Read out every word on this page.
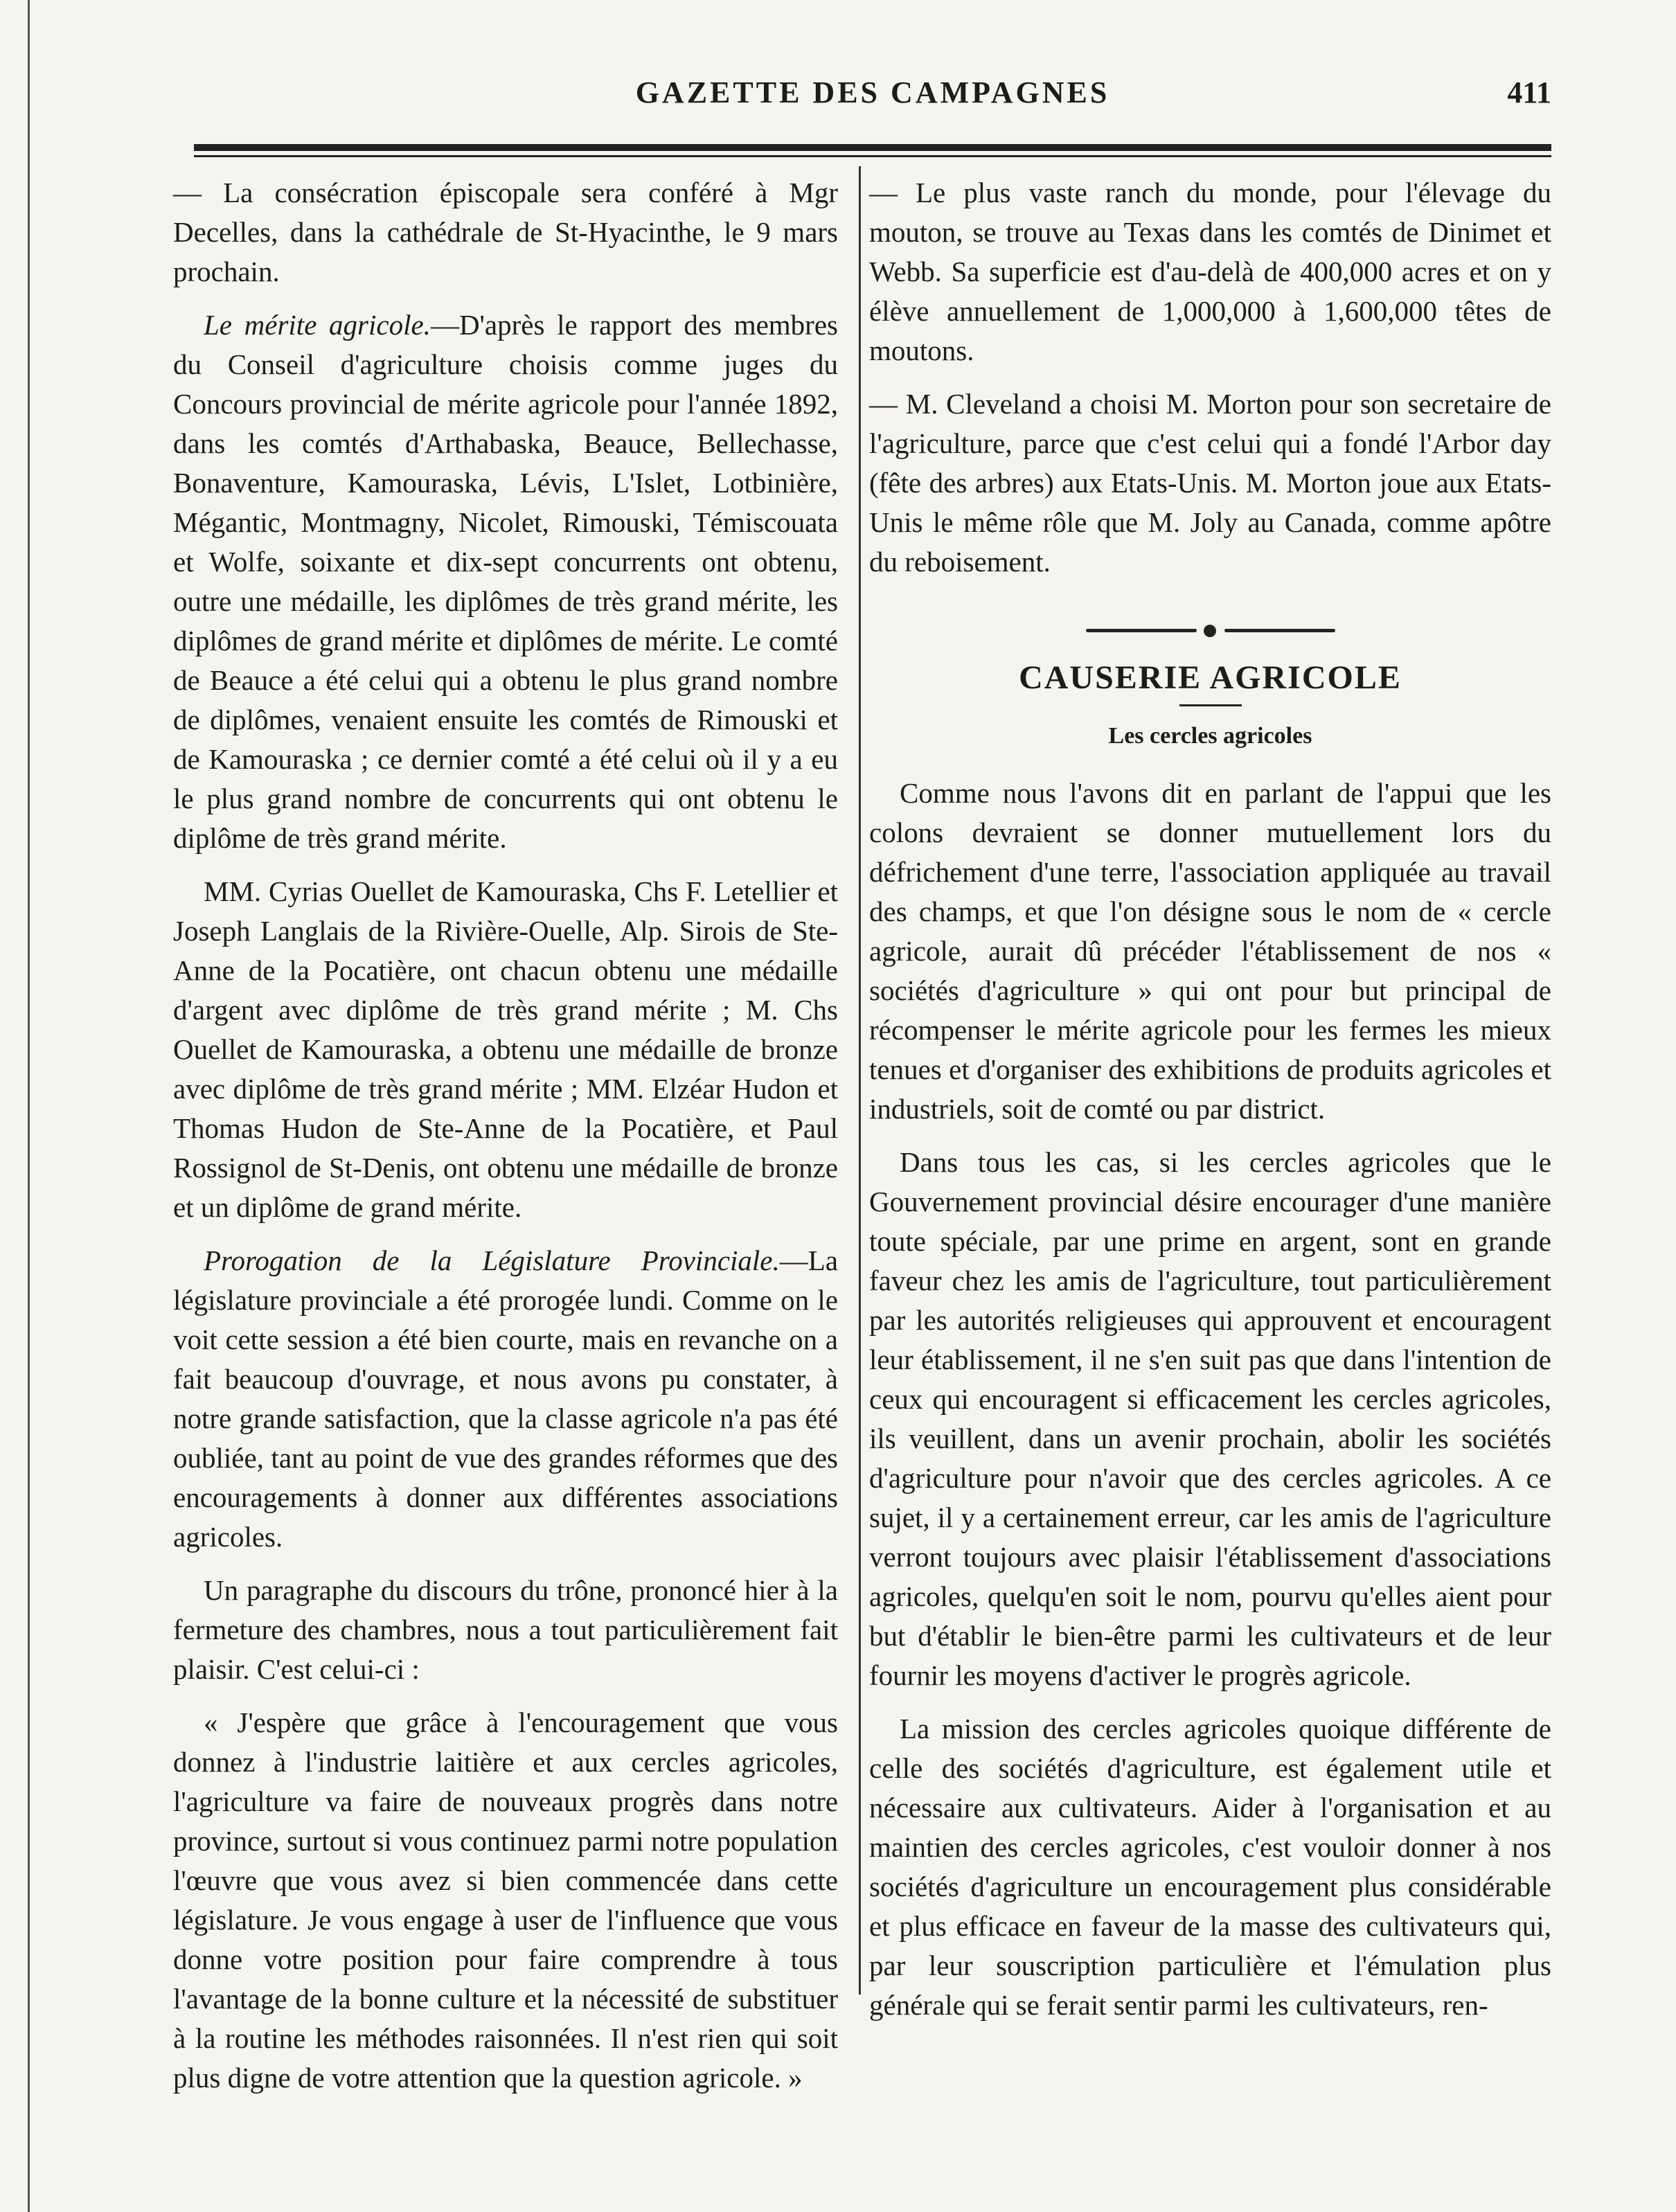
GAZETTE DES CAMPAGNES	411

— La consécration épiscopale sera conféré à Mgr Decelles, dans la cathédrale de St-Hyacinthe, le 9 mars prochain.

Le mérite agricole.—D'après le rapport des membres du Conseil d'agriculture choisis comme juges du Concours provincial de mérite agricole pour l'année 1892, dans les comtés d'Arthabaska, Beauce, Bellechasse, Bonaventure, Kamouraska, Lévis, L'Islet, Lotbinière, Mégantic, Montmagny, Nicolet, Rimouski, Témiscouata et Wolfe, soixante et dix-sept concurrents ont obtenu, outre une médaille, les diplômes de très grand mérite, les diplômes de grand mérite et diplômes de mérite. Le comté de Beauce a été celui qui a obtenu le plus grand nombre de diplômes, venaient ensuite les comtés de Rimouski et de Kamouraska ; ce dernier comté a été celui où il y a eu le plus grand nombre de concurrents qui ont obtenu le diplôme de très grand mérite.

MM. Cyrias Ouellet de Kamouraska, Chs F. Letellier et Joseph Langlais de la Rivière-Ouelle, Alp. Sirois de Ste-Anne de la Pocatière, ont chacun obtenu une médaille d'argent avec diplôme de très grand mérite ; M. Chs Ouellet de Kamouraska, a obtenu une médaille de bronze avec diplôme de très grand mérite ; MM. Elzéar Hudon et Thomas Hudon de Ste-Anne de la Pocatière, et Paul Rossignol de St-Denis, ont obtenu une médaille de bronze et un diplôme de grand mérite.

Prorogation de la Législature Provinciale.—La législature provinciale a été prorogée lundi. Comme on le voit cette session a été bien courte, mais en revanche on a fait beaucoup d'ouvrage, et nous avons pu constater, à notre grande satisfaction, que la classe agricole n'a pas été oubliée, tant au point de vue des grandes réformes que des encouragements à donner aux différentes associations agricoles.

Un paragraphe du discours du trône, prononcé hier à la fermeture des chambres, nous a tout particulièrement fait plaisir. C'est celui-ci :

« J'espère que grâce à l'encouragement que vous donnez à l'industrie laitière et aux cercles agricoles, l'agriculture va faire de nouveaux progrès dans notre province, surtout si vous continuez parmi notre population l'œuvre que vous avez si bien commencée dans cette législature. Je vous engage à user de l'influence que vous donne votre position pour faire comprendre à tous l'avantage de la bonne culture et la nécessité de substituer à la routine les méthodes raisonnées. Il n'est rien qui soit plus digne de votre attention que la question agricole. »

— Le plus vaste ranch du monde, pour l'élevage du mouton, se trouve au Texas dans les comtés de Dinimet et Webb. Sa superficie est d'au-delà de 400,000 acres et on y élève annuellement de 1,000,000 à 1,600,000 têtes de moutons.

— M. Cleveland a choisi M. Morton pour son secretaire de l'agriculture, parce que c'est celui qui a fondé l'Arbor day (fête des arbres) aux Etats-Unis. M. Morton joue aux Etats-Unis le même rôle que M. Joly au Canada, comme apôtre du reboisement.

CAUSERIE AGRICOLE
Les cercles agricoles

Comme nous l'avons dit en parlant de l'appui que les colons devraient se donner mutuellement lors du défrichement d'une terre, l'association appliquée au travail des champs, et que l'on désigne sous le nom de « cercle agricole, aurait dû précéder l'établissement de nos « sociétés d'agriculture » qui ont pour but principal de récompenser le mérite agricole pour les fermes les mieux tenues et d'organiser des exhibitions de produits agricoles et industriels, soit de comté ou par district.

Dans tous les cas, si les cercles agricoles que le Gouvernement provincial désire encourager d'une manière toute spéciale, par une prime en argent, sont en grande faveur chez les amis de l'agriculture, tout particulièrement par les autorités religieuses qui approuvent et encouragent leur établissement, il ne s'en suit pas que dans l'intention de ceux qui encouragent si efficacement les cercles agricoles, ils veuillent, dans un avenir prochain, abolir les sociétés d'agriculture pour n'avoir que des cercles agricoles. A ce sujet, il y a certainement erreur, car les amis de l'agriculture verront toujours avec plaisir l'établissement d'associations agricoles, quelqu'en soit le nom, pourvu qu'elles aient pour but d'établir le bien-être parmi les cultivateurs et de leur fournir les moyens d'activer le progrès agricole.

La mission des cercles agricoles quoique différente de celle des sociétés d'agriculture, est également utile et nécessaire aux cultivateurs. Aider à l'organisation et au maintien des cercles agricoles, c'est vouloir donner à nos sociétés d'agriculture un encouragement plus considérable et plus efficace en faveur de la masse des cultivateurs qui, par leur souscription particulière et l'émulation plus générale qui se ferait sentir parmi les cultivateurs, ren-
